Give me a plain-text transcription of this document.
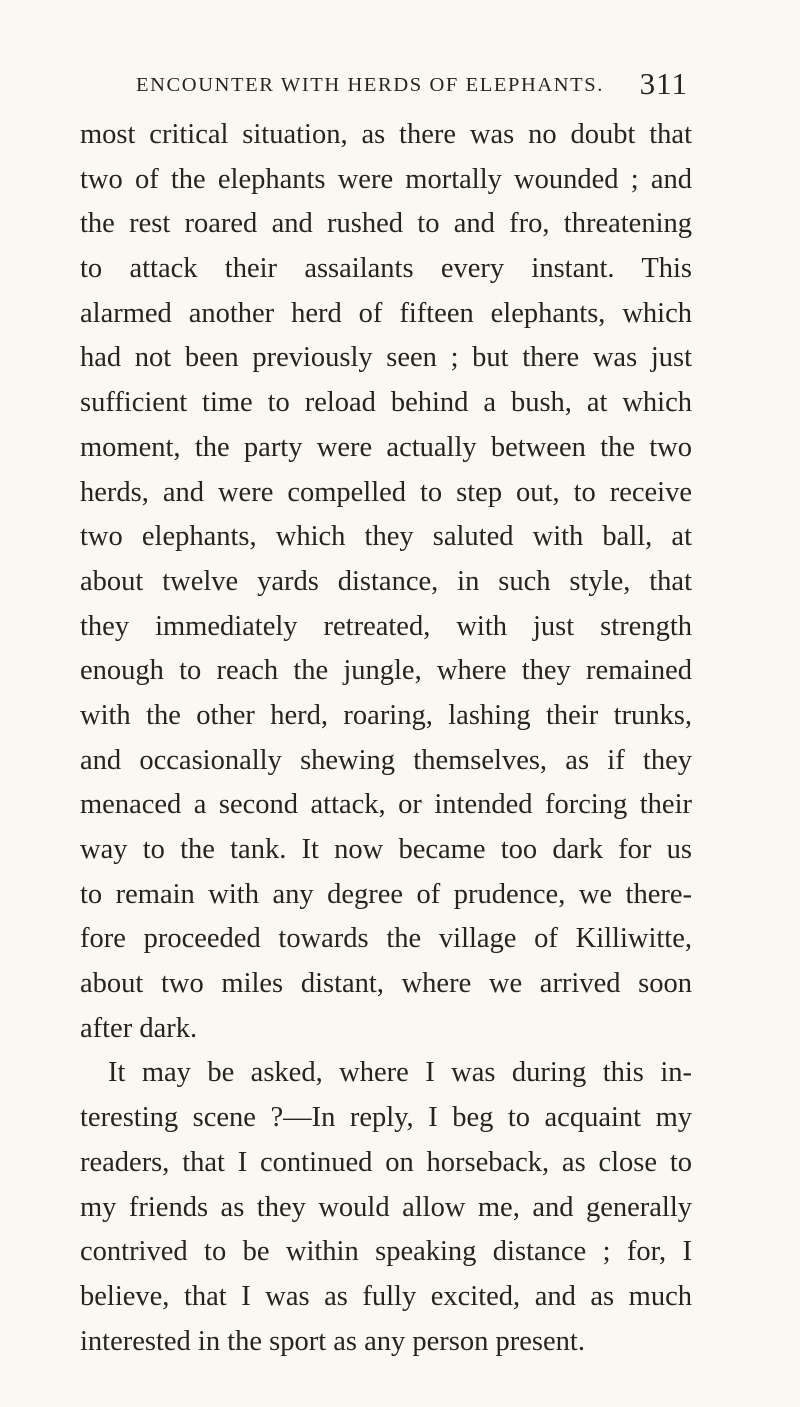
ENCOUNTER WITH HERDS OF ELEPHANTS. 311
most critical situation, as there was no doubt that
two of the elephants were mortally wounded ; and
the rest roared and rushed to and fro, threatening
to attack their assailants every instant. This
alarmed another herd of fifteen elephants, which
had not been previously seen ; but there was just
sufficient time to reload behind a bush, at which
moment, the party were actually between the two
herds, and were compelled to step out, to receive
two elephants, which they saluted with ball, at
about twelve yards distance, in such style, that
they immediately retreated, with just strength
enough to reach the jungle, where they remained
with the other herd, roaring, lashing their trunks,
and occasionally shewing themselves, as if they
menaced a second attack, or intended forcing their
way to the tank. It now became too dark for us
to remain with any degree of prudence, we there-
fore proceeded towards the village of Killiwitte,
about two miles distant, where we arrived soon
after dark.
It may be asked, where I was during this in-
teresting scene ?—In reply, I beg to acquaint my
readers, that I continued on horseback, as close to
my friends as they would allow me, and generally
contrived to be within speaking distance ; for, I
believe, that I was as fully excited, and as much
interested in the sport as any person present.
